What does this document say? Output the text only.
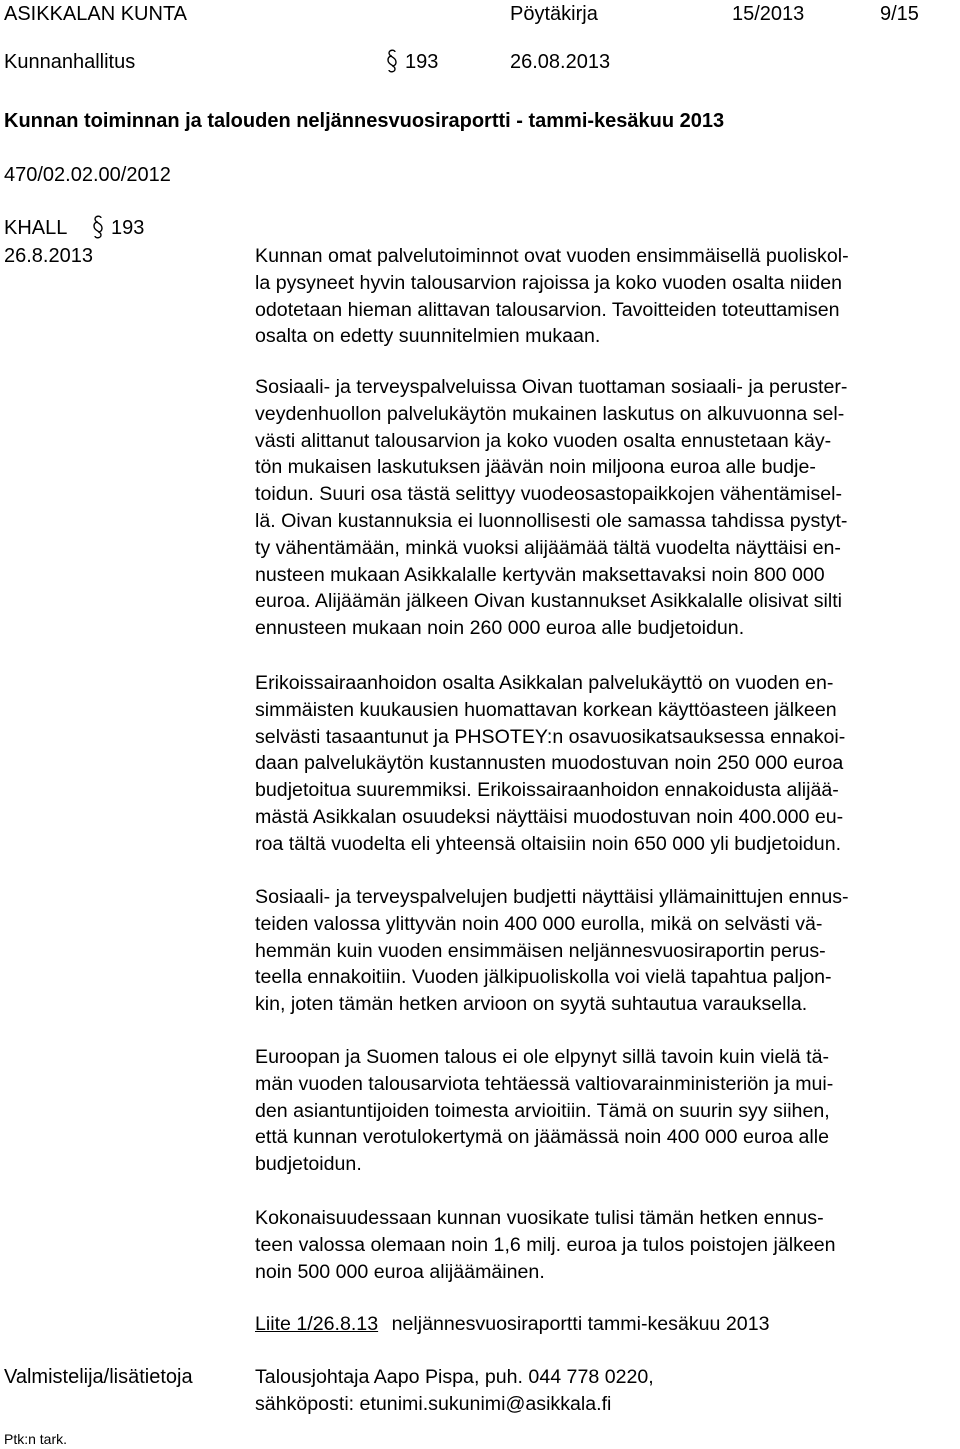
ASIKKALAN KUNTA	Pöytäkirja	15/2013	9/15
Kunnanhallitus	193	26.08.2013
Kunnan toiminnan ja talouden neljännesvuosiraportti - tammi-kesäkuu 2013
470/02.02.00/2012
KHALL 193
26.8.2013	Kunnan omat palvelutoiminnot ovat vuoden ensimmäisellä puoliskol-
la pysyneet hyvin talousarvion rajoissa ja koko vuoden osalta niiden
odotetaan hieman alittavan talousarvion. Tavoitteiden toteuttamisen
osalta on edetty suunnitelmien mukaan.
Sosiaali- ja terveyspalveluissa Oivan tuottaman sosiaali- ja peruster-
veydenhuollon palvelukäytön mukainen laskutus on alkuvuonna sel-
västi alittanut talousarvion ja koko vuoden osalta ennustetaan käy-
tön mukaisen laskutuksen jäävän noin miljoona euroa alle budje-
toidun. Suuri osa tästä selittyy vuodeosastopaikkojen vähentämisel-
lä. Oivan kustannuksia ei luonnollisesti ole samassa tahdissa pystyt-
ty vähentämään, minkä vuoksi alijäämää tältä vuodelta näyttäisi en-
nusteen mukaan Asikkalalle kertyvän maksettavaksi noin 800 000
euroa. Alijäämän jälkeen Oivan kustannukset Asikkalalle olisivat silti
ennusteen mukaan noin 260 000 euroa alle budjetoidun.
Erikoissairaanhoidon osalta Asikkalan palvelukäyttö on vuoden en-
simmäisten kuukausien huomattavan korkean käyttöasteen jälkeen
selvästi tasaantunut ja PHSOTEY:n osavuosikatsauksessa ennakoi-
daan palvelukäytön kustannusten muodostuvan noin 250 000 euroa
budjetoitua suuremmiksi. Erikoissairaanhoidon ennakoidusta alijää-
mästä Asikkalan osuudeksi näyttäisi muodostuvan noin 400.000 eu-
roa tältä vuodelta eli yhteensä oltaisiin noin 650 000 yli budjetoidun.
Sosiaali- ja terveyspalvelujen budjetti näyttäisi yllämainittujen ennus-
teiden valossa ylittyvän noin 400 000 eurolla, mikä on selvästi vä-
hemmän kuin vuoden ensimmäisen neljännesvuosiraportin perus-
teella ennakoitiin. Vuoden jälkipuoliskolla voi vielä tapahtua paljon-
kin, joten tämän hetken arvioon on syytä suhtautua varauksella.
Euroopan ja Suomen talous ei ole elpynyt sillä tavoin kuin vielä tä-
män vuoden talousarviota tehtäessä valtiovarainministeriön ja mui-
den asiantuntijoiden toimesta arvioitiin. Tämä on suurin syy siihen,
että kunnan verotulokertymä on jäämässä noin 400 000 euroa alle
budjetoidun.
Kokonaisuudessaan kunnan vuosikate tulisi tämän hetken ennus-
teen valossa olemaan noin 1,6 milj. euroa ja tulos poistojen jälkeen
noin 500 000 euroa alijäämäinen.
Liite 1/26.8.13 neljännesvuosiraportti tammi-kesäkuu 2013
Valmistelija/lisätietoja	Talousjohtaja Aapo Pispa, puh. 044 778 0220,
sähköposti: etunimi.sukunimi@asikkala.fi
Ptk:n tark.
